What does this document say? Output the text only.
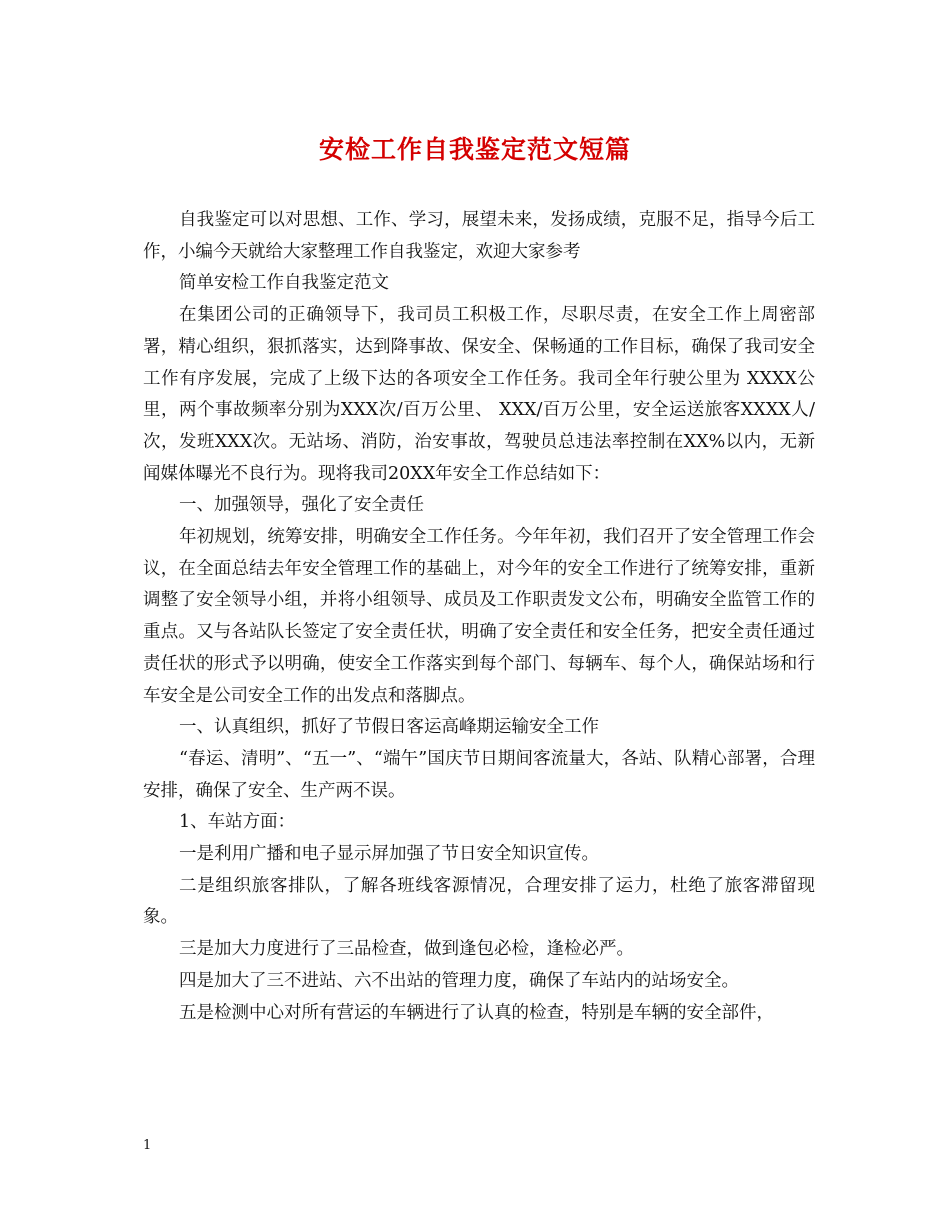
安检工作自我鉴定范文短篇

自我鉴定可以对思想、工作、学习，展望未来，发扬成绩，克服不足，指导今后工作，小编今天就给大家整理工作自我鉴定，欢迎大家参考

简单安检工作自我鉴定范文

在集团公司的正确领导下，我司员工积极工作，尽职尽责，在安全工作上周密部署，精心组织，狠抓落实，达到降事故、保安全、保畅通的工作目标，确保了我司安全工作有序发展，完成了上级下达的各项安全工作任务。我司全年行驶公里为 XXXX公里，两个事故频率分别为XXX次/百万公里、 XXX/百万公里，安全运送旅客XXXX人/次，发班XXX次。无站场、消防，治安事故，驾驶员总违法率控制在XX%以内，无新闻媒体曝光不良行为。现将我司20XX年安全工作总结如下：

一、加强领导，强化了安全责任

年初规划，统筹安排，明确安全工作任务。今年年初，我们召开了安全管理工作会议，在全面总结去年安全管理工作的基础上，对今年的安全工作进行了统筹安排，重新调整了安全领导小组，并将小组领导、成员及工作职责发文公布，明确安全监管工作的重点。又与各站队长签定了安全责任状，明确了安全责任和安全任务，把安全责任通过责任状的形式予以明确，使安全工作落实到每个部门、每辆车、每个人，确保站场和行车安全是公司安全工作的出发点和落脚点。

一、认真组织，抓好了节假日客运高峰期运输安全工作

“春运、清明”、“五一”、“端午”国庆节日期间客流量大，各站、队精心部署，合理安排，确保了安全、生产两不误。

1、车站方面：

一是利用广播和电子显示屏加强了节日安全知识宣传。

二是组织旅客排队，了解各班线客源情况，合理安排了运力，杜绝了旅客滞留现象。

三是加大力度进行了三品检查，做到逢包必检，逢检必严。

四是加大了三不进站、六不出站的管理力度，确保了车站内的站场安全。

五是检测中心对所有营运的车辆进行了认真的检查，特别是车辆的安全部件，

1
